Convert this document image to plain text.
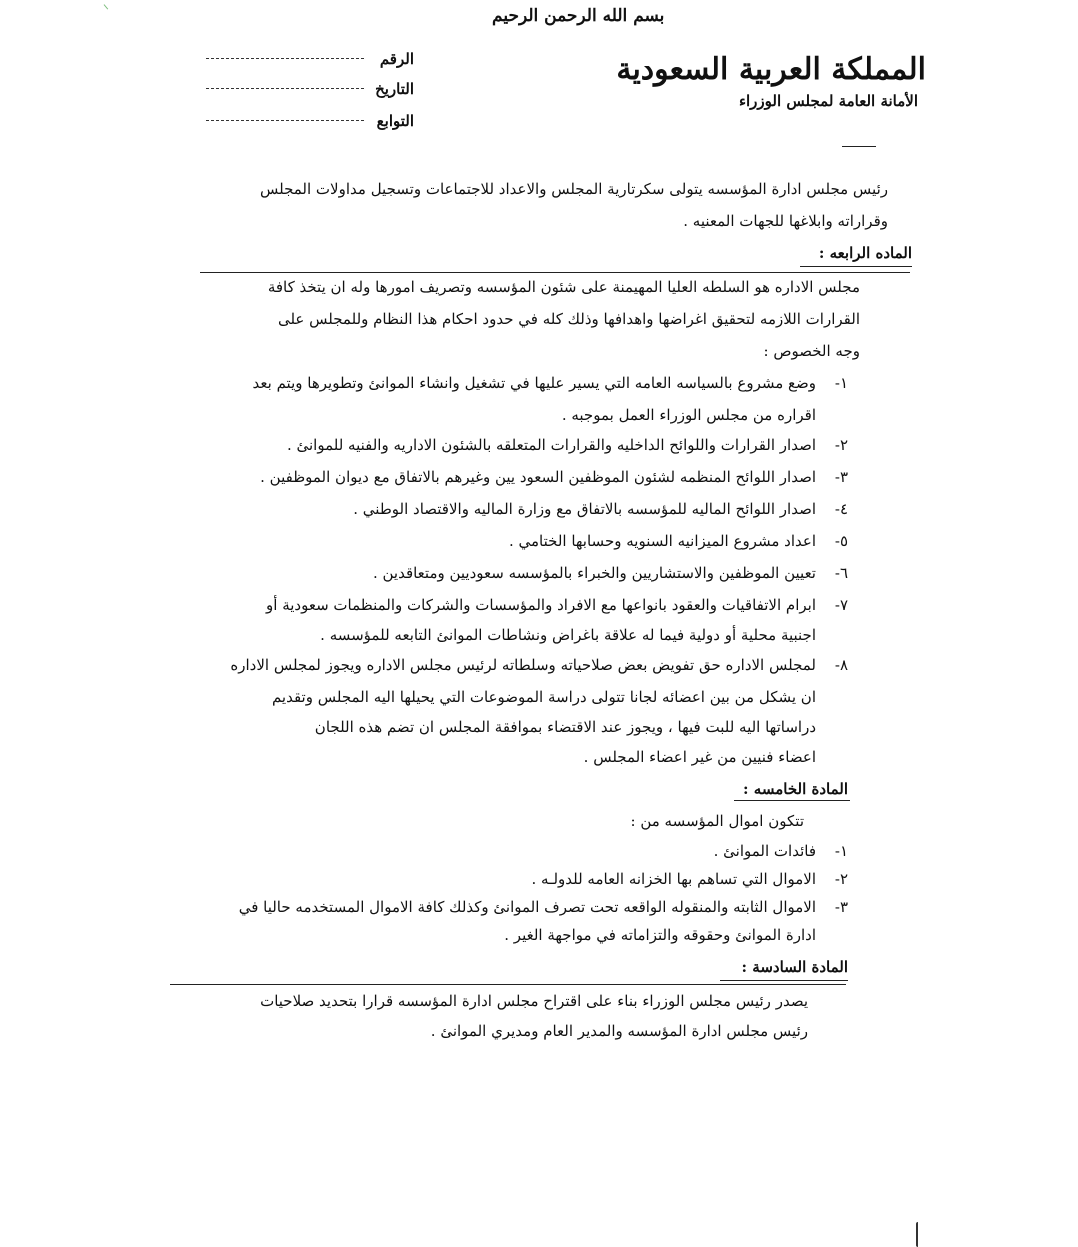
بسم الله الرحمن الرحيم
المملكة العربية السعودية
الأمانة العامة لمجلس الوزراء
الرقم
التاريخ
التوابع
رئيس مجلس ادارة المؤسسه يتولى سكرتارية المجلس والاعداد للاجتماعات وتسجيل مداولات المجلس
وقراراته وابلاغها للجهات المعنيه .
الماده الرابعه :
مجلس الاداره هو السلطه العليا المهيمنة على شئون المؤسسه وتصريف امورها وله ان يتخذ كافة
القرارات اللازمه لتحقيق اغراضها واهدافها وذلك كله في حدود احكام هذا النظام وللمجلس على
وجه الخصوص :
١-
وضع مشروع بالسياسه العامه التي يسير عليها في تشغيل وانشاء الموانئ وتطويرها ويتم بعد
اقراره من مجلس الوزراء العمل بموجبه .
٢-
اصدار القرارات واللوائح الداخليه والقرارات المتعلقه بالشئون الاداريه والفنيه للموانئ .
٣-
اصدار اللوائح المنظمه لشئون الموظفين السعود يين وغيرهم بالاتفاق مع ديوان الموظفين .
٤-
اصدار اللوائح الماليه للمؤسسه بالاتفاق مع وزارة الماليه والاقتصاد الوطني .
٥-
اعداد مشروع الميزانيه السنويه وحسابها الختامي .
٦-
تعيين الموظفين والاستشاريين والخبراء بالمؤسسه سعوديين ومتعاقدين .
٧-
ابرام الاتفاقيات والعقود بانواعها مع الافراد والمؤسسات والشركات والمنظمات سعودية أو
اجنبية محلية أو دولية فيما له علاقة باغراض ونشاطات الموانئ التابعه للمؤسسه .
٨-
لمجلس الاداره حق تفويض بعض صلاحياته وسلطاته لرئيس مجلس الاداره ويجوز لمجلس الاداره
ان يشكل من بين اعضائه لجانا تتولى دراسة الموضوعات التي يحيلها اليه المجلس وتقديم
دراساتها اليه للبت فيها ، ويجوز عند الاقتضاء بموافقة المجلس ان تضم هذه اللجان
اعضاء فنيين من غير اعضاء المجلس .
المادة الخامسه :
تتكون اموال المؤسسه من :
١-
فائدات الموانئ .
٢-
الاموال التي تساهم بها الخزانه العامه للدولـه .
٣-
الاموال الثابته والمنقوله الواقعه تحت تصرف الموانئ وكذلك كافة الاموال المستخدمه حاليا في
ادارة الموانئ وحقوقه والتزاماته في مواجهة الغير .
المادة السادسة :
يصدر رئيس مجلس الوزراء بناء على اقتراح مجلس ادارة المؤسسه قرارا بتحديد صلاحيات
رئيس مجلس ادارة المؤسسه والمدير العام ومديري الموانئ .
